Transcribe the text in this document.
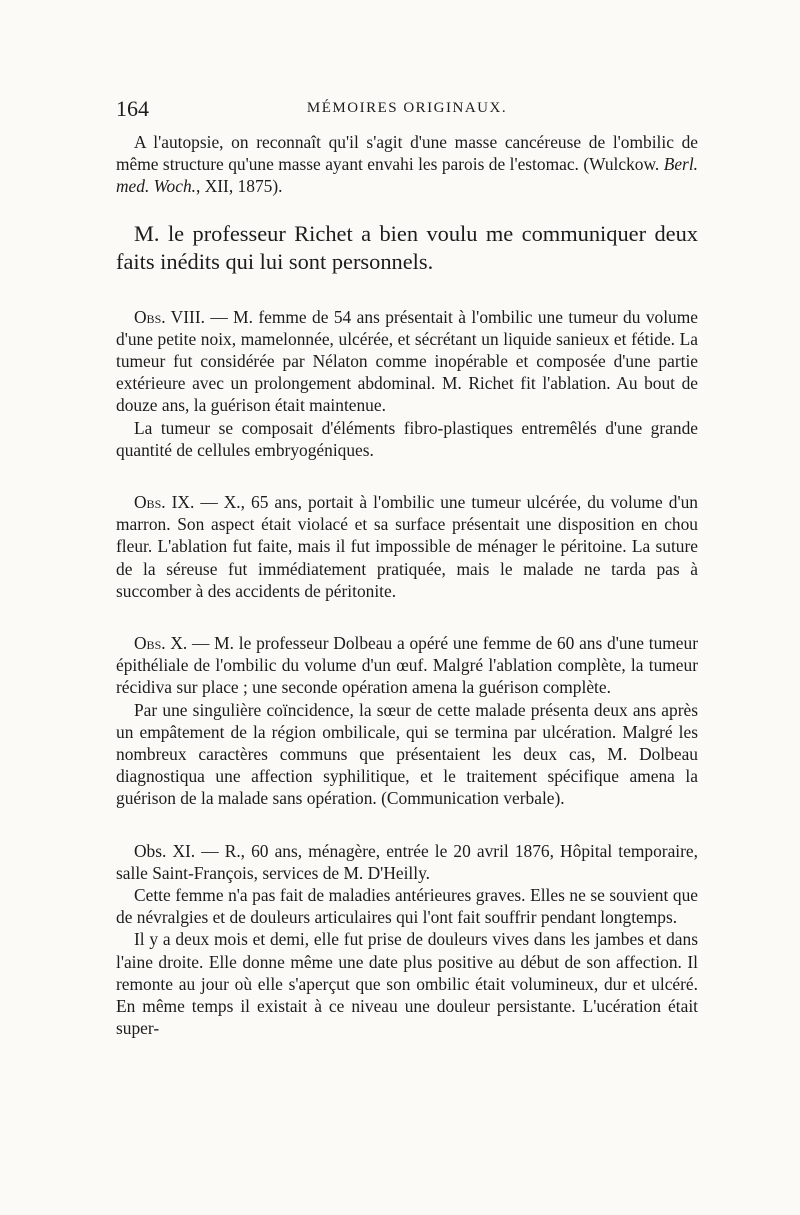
164	MÉMOIRES ORIGINAUX.

A l'autopsie, on reconnaît qu'il s'agit d'une masse cancéreuse de l'ombilic de même structure qu'une masse ayant envahi les parois de l'estomac. (Wulckow. Berl. med. Woch., XII, 1875).

M. le professeur Richet a bien voulu me communiquer deux faits inédits qui lui sont personnels.

Obs. VIII. — M. femme de 54 ans présentait à l'ombilic une tumeur du volume d'une petite noix, mamelonnée, ulcérée, et sécrétant un liquide sanieux et fétide. La tumeur fut considérée par Nélaton comme inopérable et composée d'une partie extérieure avec un prolongement abdominal. M. Richet fit l'ablation. Au bout de douze ans, la guérison était maintenue.

La tumeur se composait d'éléments fibro-plastiques entremêlés d'une grande quantité de cellules embryogéniques.

Obs. IX. — X., 65 ans, portait à l'ombilic une tumeur ulcérée, du volume d'un marron. Son aspect était violacé et sa surface présentait une disposition en chou fleur. L'ablation fut faite, mais il fut impossible de ménager le péritoine. La suture de la séreuse fut immédiatement pratiquée, mais le malade ne tarda pas à succomber à des accidents de péritonite.

Obs. X. — M. le professeur Dolbeau a opéré une femme de 60 ans d'une tumeur épithéliale de l'ombilic du volume d'un œuf. Malgré l'ablation complète, la tumeur récidiva sur place ; une seconde opération amena la guérison complète.

Par une singulière coïncidence, la sœur de cette malade présenta deux ans après un empâtement de la région ombilicale, qui se termina par ulcération. Malgré les nombreux caractères communs que présentaient les deux cas, M. Dolbeau diagnostiqua une affection syphilitique, et le traitement spécifique amena la guérison de la malade sans opération. (Communication verbale).

Obs. XI. — R., 60 ans, ménagère, entrée le 20 avril 1876, Hôpital temporaire, salle Saint-François, services de M. D'Heilly.

Cette femme n'a pas fait de maladies antérieures graves. Elles ne se souvient que de névralgies et de douleurs articulaires qui l'ont fait souffrir pendant longtemps.

Il y a deux mois et demi, elle fut prise de douleurs vives dans les jambes et dans l'aine droite. Elle donne même une date plus positive au début de son affection. Il remonte au jour où elle s'aperçut que son ombilic était volumineux, dur et ulcéré. En même temps il existait à ce niveau une douleur persistante. L'ucération était super-
